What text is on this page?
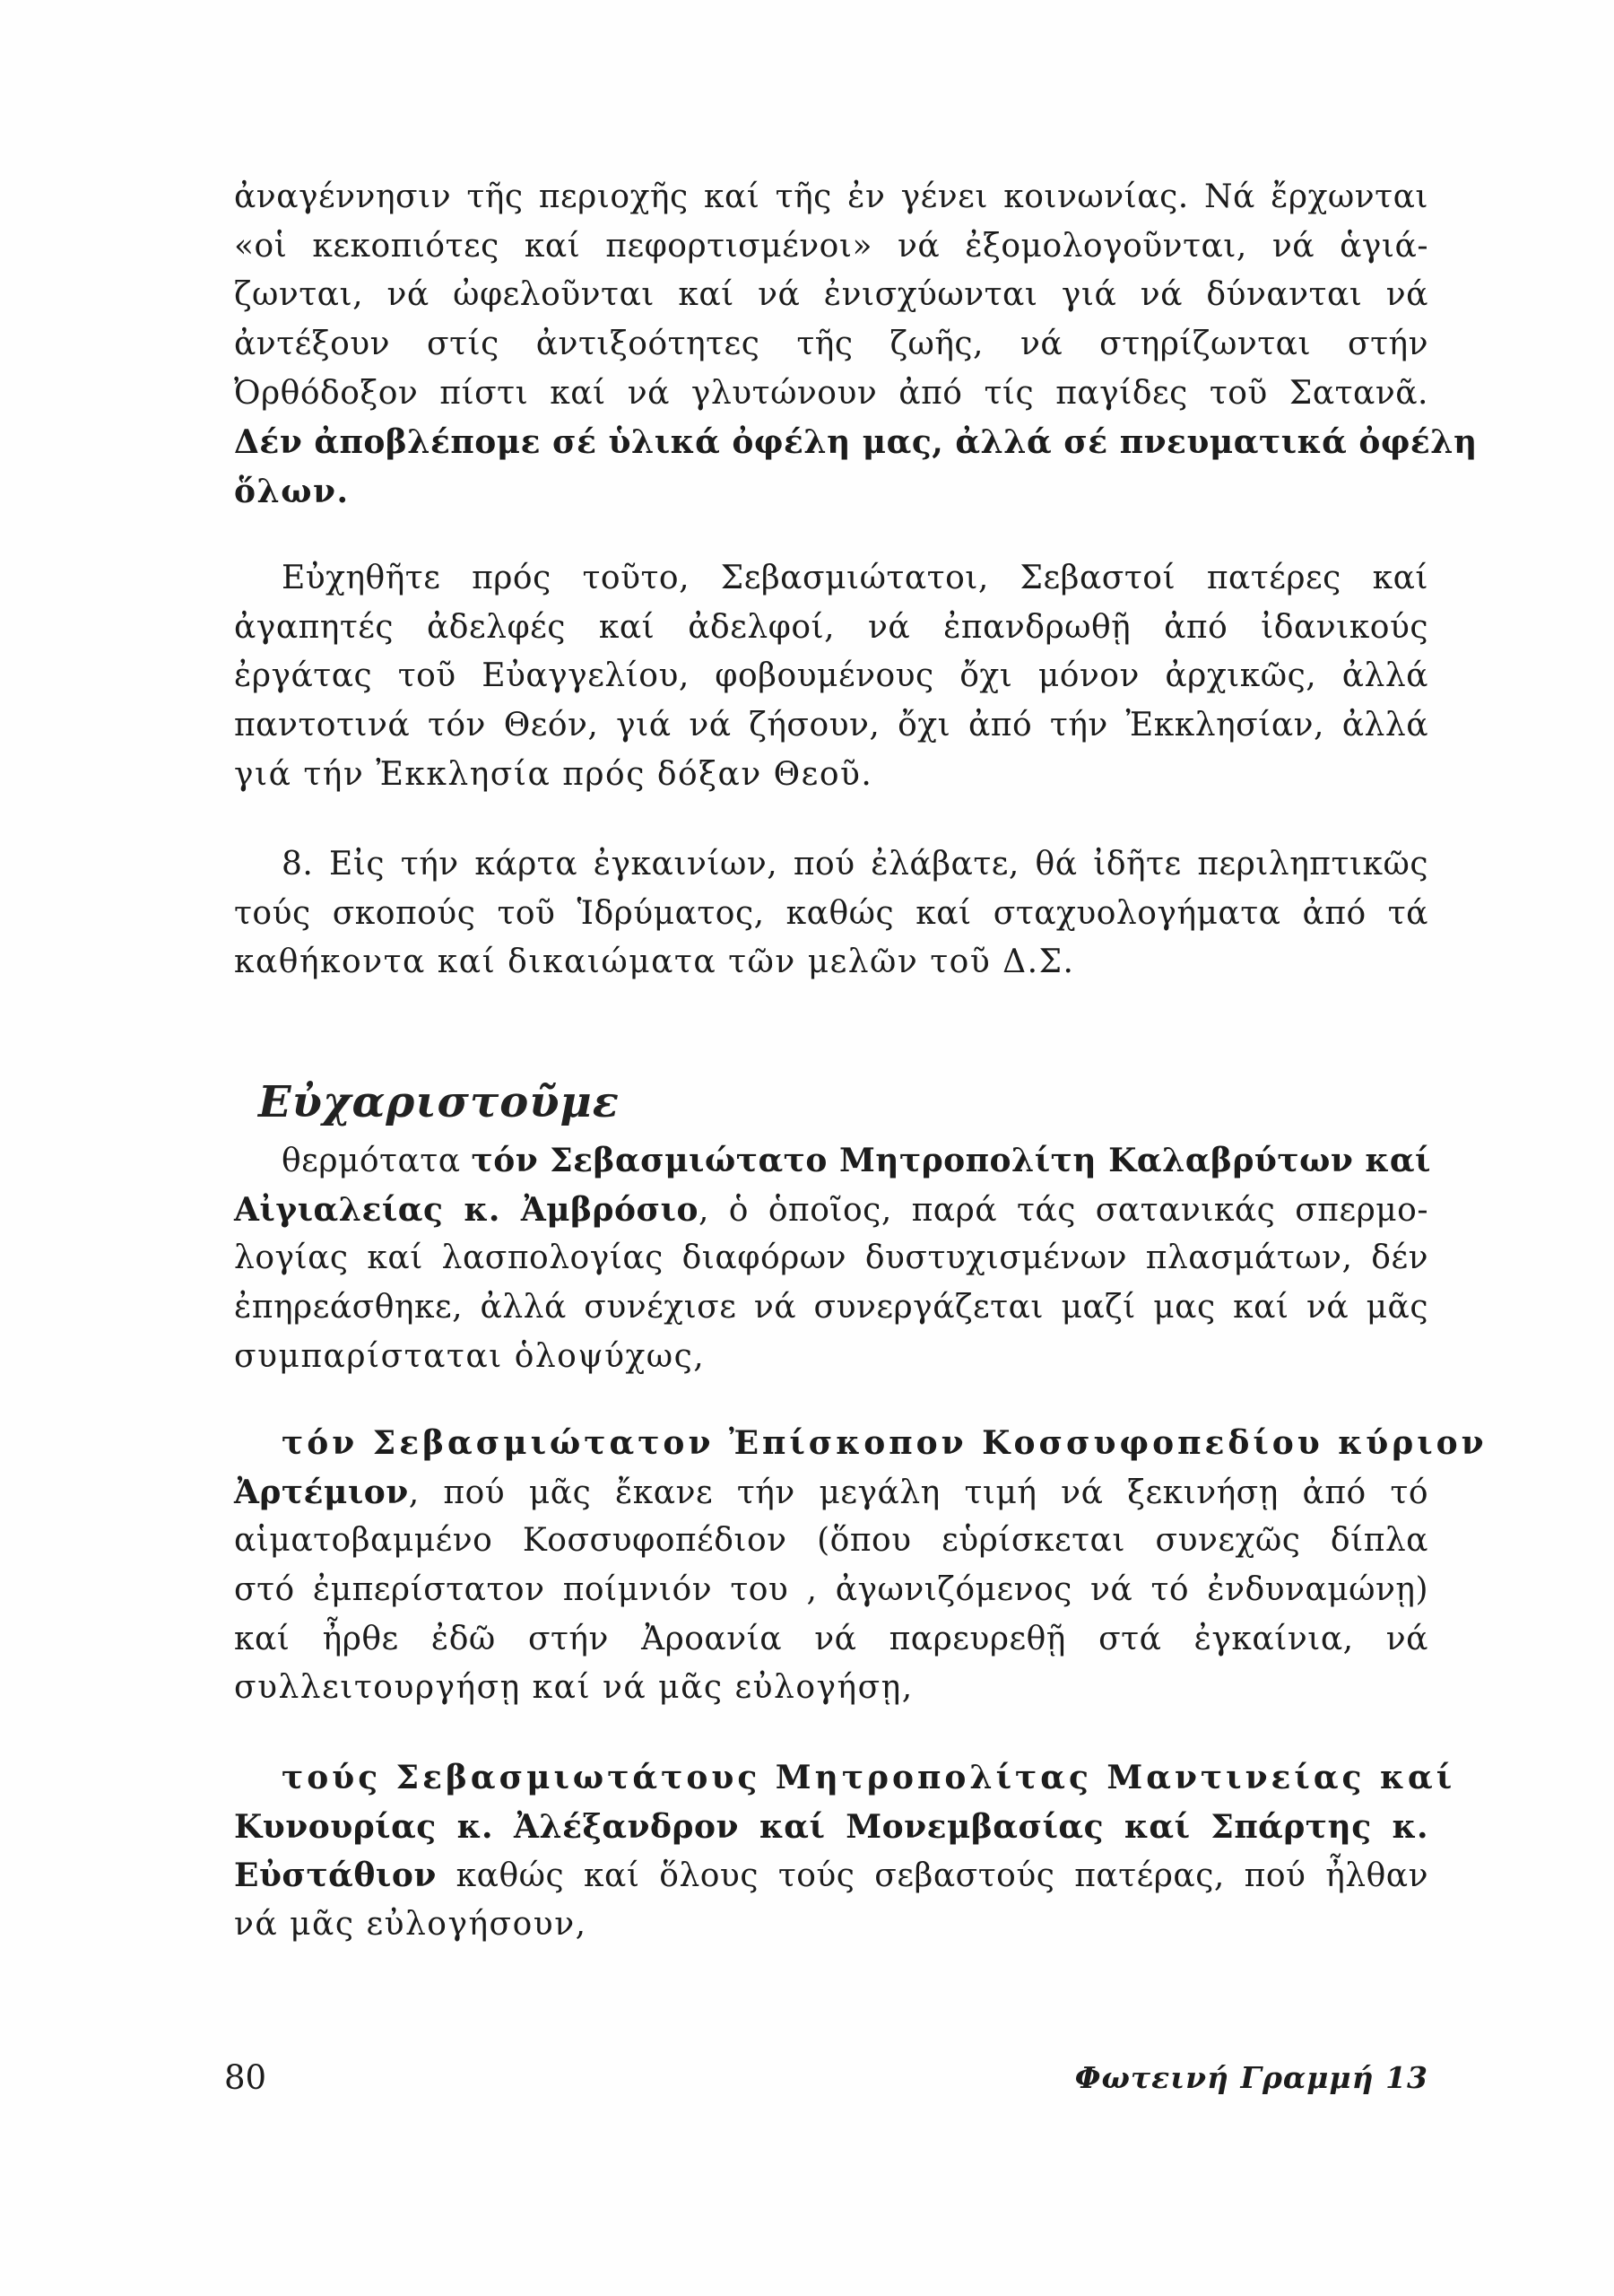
ἀναγέννησιν τῆς περιοχῆς καί τῆς ἐν γένει κοινωνίας. Νά ἔρχωνται
«οἱ κεκοπιότες καί πεφορτισμένοι» νά ἐξομολογοῦνται, νά ἁγιά-
ζωνται, νά ὠφελοῦνται καί νά ἐνισχύωνται γιά νά δύνανται νά
ἀντέξουν στίς ἀντιξοότητες τῆς ζωῆς, νά στηρίζωνται στήν
Ὀρθόδοξον πίστι καί νά γλυτώνουν ἀπό τίς παγίδες τοῦ Σατανᾶ.
Δέν ἀποβλέπομε σέ ὑλικά ὀφέλη μας, ἀλλά σέ πνευματικά ὀφέλη
ὅλων.
Εὐχηθῆτε πρός τοῦτο, Σεβασμιώτατοι, Σεβαστοί πατέρες καί
ἀγαπητές ἀδελφές καί ἀδελφοί, νά ἐπανδρωθῇ ἀπό ἰδανικούς
ἐργάτας τοῦ Εὐαγγελίου, φοβουμένους ὄχι μόνον ἀρχικῶς, ἀλλά
παντοτινά τόν Θεόν, γιά νά ζήσουν, ὄχι ἀπό τήν Ἐκκλησίαν, ἀλλά
γιά τήν Ἐκκλησία πρός δόξαν Θεοῦ.
8. Εἰς τήν κάρτα ἐγκαινίων, πού ἐλάβατε, θά ἰδῆτε περιληπτικῶς
τούς σκοπούς τοῦ Ἱδρύματος, καθώς καί σταχυολογήματα ἀπό τά
καθήκοντα καί δικαιώματα τῶν μελῶν τοῦ Δ.Σ.
Εὐχαριστοῦμε
θερμότατα τόν Σεβασμιώτατο Μητροπολίτη Καλαβρύτων καί
Αἰγιαλείας κ. Ἀμβρόσιο, ὁ ὁποῖος, παρά τάς σατανικάς σπερμο-
λογίας καί λασπολογίας διαφόρων δυστυχισμένων πλασμάτων, δέν
ἐπηρεάσθηκε, ἀλλά συνέχισε νά συνεργάζεται μαζί μας καί νά μᾶς
συμπαρίσταται ὁλοψύχως,
τόν Σεβασμιώτατον Ἐπίσκοπον Κοσσυφοπεδίου κύριον
Ἀρτέμιον, πού μᾶς ἔκανε τήν μεγάλη τιμή νά ξεκινήσῃ ἀπό τό
αἱματοβαμμένο Κοσσυφοπέδιον (ὅπου εὑρίσκεται συνεχῶς δίπλα
στό ἐμπερίστατον ποίμνιόν του , ἀγωνιζόμενος νά τό ἐνδυναμώνῃ)
καί ἦρθε ἐδῶ στήν Ἀροανία νά παρευρεθῇ στά ἐγκαίνια, νά
συλλειτουργήσῃ καί νά μᾶς εὐλογήσῃ,
τούς Σεβασμιωτάτους Μητροπολίτας Μαντινείας καί
Κυνουρίας κ. Ἀλέξανδρον καί Μονεμβασίας καί Σπάρτης κ.
Εὐστάθιον καθώς καί ὅλους τούς σεβαστούς πατέρας, πού ἦλθαν
νά μᾶς εὐλογήσουν,
80	Φωτεινή Γραμμή 13
